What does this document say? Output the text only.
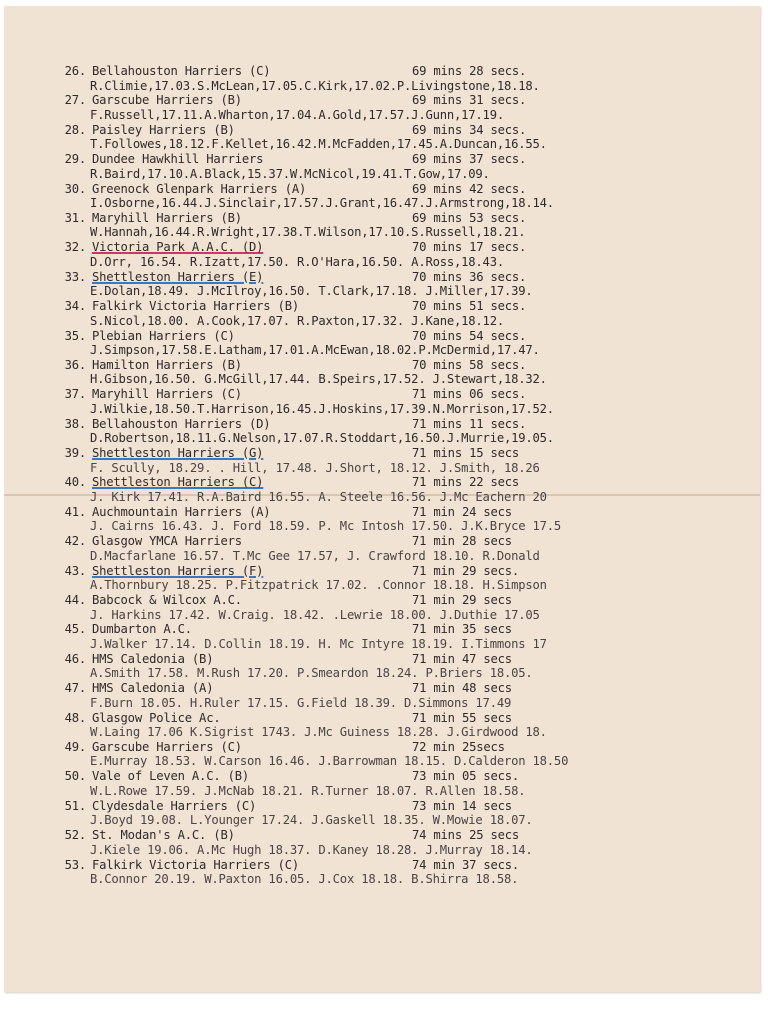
26. Bellahouston Harriers (C)	69 mins 28 secs.
R.Climie,17.03.S.McLean,17.05.C.Kirk,17.02.P.Livingstone,18.18.
27. Garscube Harriers (B)	69 mins 31 secs.
F.Russell,17.11.A.Wharton,17.04.A.Gold,17.57.J.Gunn,17.19.
28. Paisley Harriers (B)	69 mins 34 secs.
T.Followes,18.12.F.Kellet,16.42.M.McFadden,17.45.A.Duncan,16.55.
29. Dundee Hawkhill Harriers	69 mins 37 secs.
R.Baird,17.10.A.Black,15.37.W.McNicol,19.41.T.Gow,17.09.
30. Greenock Glenpark Harriers (A)	69 mins 42 secs.
I.Osborne,16.44.J.Sinclair,17.57.J.Grant,16.47.J.Armstrong,18.14.
31. Maryhill Harriers (B)	69 mins 53 secs.
W.Hannah,16.44.R.Wright,17.38.T.Wilson,17.10.S.Russell,18.21.
32. Victoria Park A.A.C. (D)	70 mins 17 secs.
D.Orr, 16.54. R.Izatt,17.50. R.O'Hara,16.50. A.Ross,18.43.
33. Shettleston Harriers (E)	70 mins 36 secs.
E.Dolan,18.49. J.McIlroy,16.50. T.Clark,17.18. J.Miller,17.39.
34. Falkirk Victoria Harriers (B)	70 mins 51 secs.
S.Nicol,18.00. A.Cook,17.07. R.Paxton,17.32. J.Kane,18.12.
35. Plebian Harriers (C)	70 mins 54 secs.
J.Simpson,17.58.E.Latham,17.01.A.McEwan,18.02.P.McDermid,17.47.
36. Hamilton Harriers (B)	70 mins 58 secs.
H.Gibson,16.50. G.McGill,17.44. B.Speirs,17.52. J.Stewart,18.32.
37. Maryhill Harriers (C)	71 mins 06 secs.
J.Wilkie,18.50.T.Harrison,16.45.J.Hoskins,17.39.N.Morrison,17.52.
38. Bellahouston Harriers (D)	71 mins 11 secs.
D.Robertson,18.11.G.Nelson,17.07.R.Stoddart,16.50.J.Murrie,19.05.
39. Shettleston Harriers (G)	71 mins 15 secs
F. Scully, 18.29. . Hill, 17.48. J.Short, 18.12. J.Smith, 18.26
40. Shettleston Harriers (C)	71 mins 22 secs
J. Kirk 17.41. R.A.Baird 16.55. A. Steele 16.56. J.Mc Eachern 20
41. Auchmountain Harriers (A)	71 min 24 secs
J. Cairns 16.43. J. Ford 18.59. P. Mc Intosh 17.50. J.K.Bryce 17.5
42. Glasgow YMCA Harriers	71 min 28 secs
D.Macfarlane 16.57. T.Mc Gee 17.57, J. Crawford 18.10. R.Donald
43. Shettleston Harriers (F)	71 min 29 secs.
A.Thornbury 18.25. P.Fitzpatrick 17.02. .Connor 18.18. H.Simpson
44. Babcock & Wilcox A.C.	71 min 29 secs
J. Harkins 17.42. W.Craig. 18.42. .Lewrie 18.00. J.Duthie 17.05
45. Dumbarton A.C.	71 min 35 secs
J.Walker 17.14. D.Collin 18.19. H. Mc Intyre 18.19. I.Timmons 17
46. HMS Caledonia (B)	71 min 47 secs
A.Smith 17.58. M.Rush 17.20. P.Smeardon 18.24. P.Briers 18.05.
47. HMS Caledonia (A)	71 min 48 secs
F.Burn 18.05. H.Ruler 17.15. G.Field 18.39. D.Simmons 17.49
48. Glasgow Police Ac.	71 min 55 secs
W.Laing 17.06 K.Sigrist 1743. J.Mc Guiness 18.28. J.Girdwood 18.
49. Garscube Harriers (C)	72 min 25secs
E.Murray 18.53. W.Carson 16.46. J.Barrowman 18.15. D.Calderon 18.50
50. Vale of Leven A.C. (B)	73 min 05 secs.
W.L.Rowe 17.59. J.McNab 18.21. R.Turner 18.07. R.Allen 18.58.
51. Clydesdale Harriers (C)	73 min 14 secs
J.Boyd 19.08. L.Younger 17.24. J.Gaskell 18.35. W.Mowie 18.07.
52. St. Modan's A.C. (B)	74 mins 25 secs
J.Kiele 19.06. A.Mc Hugh 18.37. D.Kaney 18.28. J.Murray 18.14.
53. Falkirk Victoria Harriers (C)	74 min 37 secs.
B.Connor 20.19. W.Paxton 16.05. J.Cox 18.18. B.Shirra 18.58.
